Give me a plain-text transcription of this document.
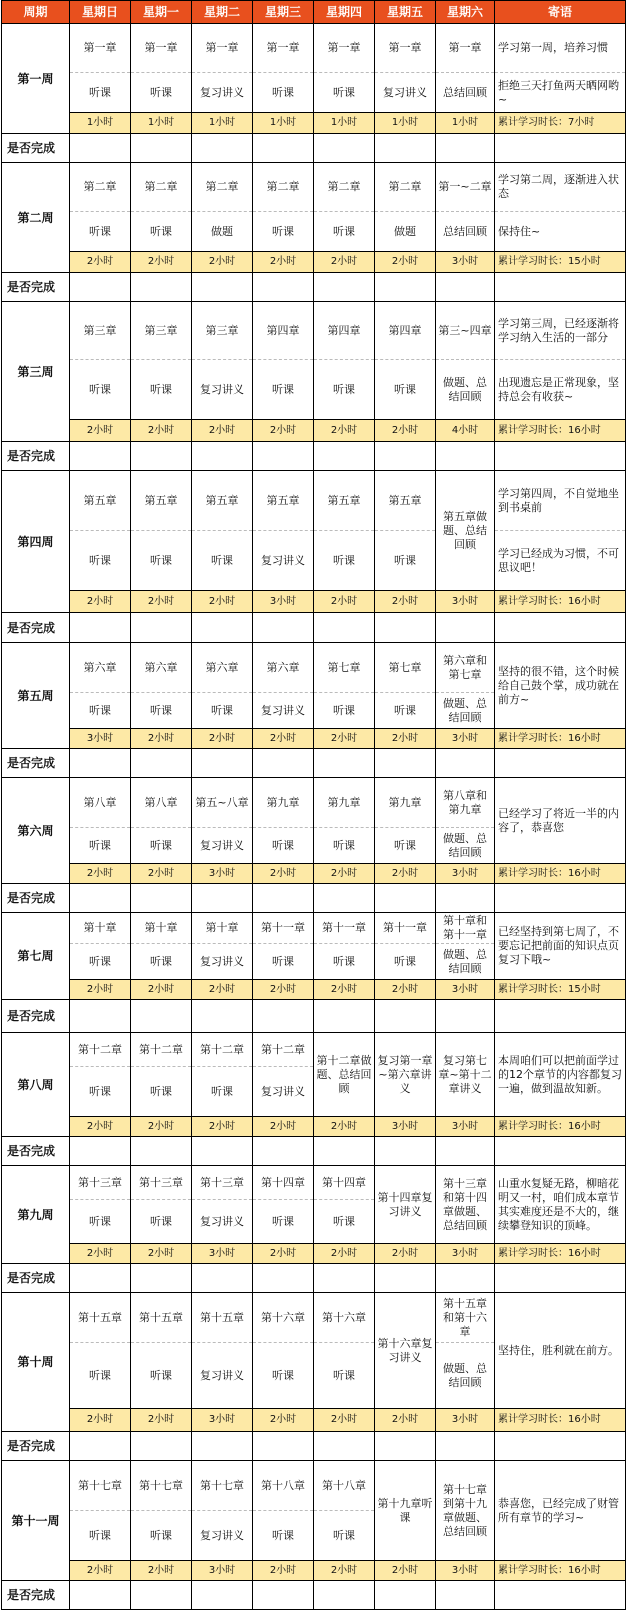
周期	星期日	星期一	星期二	星期三	星期四	星期五	星期六	寄语
第一周	第一章	第一章	第一章	第一章	第一章	第一章	第一章	学习第一周，培养习惯
	听课	听课	复习讲义	听课	听课	复习讲义	总结回顾	拒绝三天打鱼两天晒网哟~
	1小时	1小时	1小时	1小时	1小时	1小时	1小时	累计学习时长：7小时
是否完成								
第二周	第二章	第二章	第二章	第二章	第二章	第二章	第一~二章	学习第二周，逐渐进入状态
	听课	听课	做题	听课	听课	做题	总结回顾	保持住~
	2小时	2小时	2小时	2小时	2小时	2小时	3小时	累计学习时长：15小时
是否完成								
第三周	第三章	第三章	第三章	第四章	第四章	第四章	第三~四章	学习第三周，已经逐渐将学习纳入生活的一部分
	听课	听课	复习讲义	听课	听课	听课	做题、总结回顾	出现遗忘是正常现象，坚持总会有收获~
	2小时	2小时	2小时	2小时	2小时	2小时	4小时	累计学习时长：16小时
是否完成								
第四周	第五章	第五章	第五章	第五章	第五章	第五章	第五章做题、总结回顾	学习第四周，不自觉地坐到书桌前
	听课	听课	听课	复习讲义	听课	听课		学习已经成为习惯，不可思议吧！
	2小时	2小时	2小时	3小时	2小时	2小时	3小时	累计学习时长：16小时
是否完成								
第五周	第六章	第六章	第六章	第六章	第七章	第七章	第六章和第七章	坚持的很不错，这个时候给自己鼓个掌，成功就在前方~
	听课	听课	听课	复习讲义	听课	听课	做题、总结回顾	
	3小时	2小时	2小时	2小时	2小时	2小时	3小时	累计学习时长：16小时
是否完成								
第六周	第八章	第八章	第五~八章	第九章	第九章	第九章	第八章和第九章	已经学习了将近一半的内容了，恭喜您
	听课	听课	复习讲义	听课	听课	听课	做题、总结回顾	
	2小时	2小时	3小时	2小时	2小时	2小时	3小时	累计学习时长：16小时
是否完成								
第七周	第十章	第十章	第十章	第十一章	第十一章	第十一章	第十章和第十一章	已经坚持到第七周了，不要忘记把前面的知识点页复习下哦~
	听课	听课	复习讲义	听课	听课	听课	做题、总结回顾	
	2小时	2小时	2小时	2小时	2小时	2小时	3小时	累计学习时长：15小时
是否完成								
第八周	第十二章	第十二章	第十二章	第十二章	第十二章做题、总结回顾	复习第一章~第六章讲义	复习第七章~第十二章讲义	本周咱们可以把前面学过的12个章节的内容都复习一遍，做到温故知新。
	听课	听课	听课	复习讲义				
	2小时	2小时	2小时	2小时	2小时	3小时	3小时	累计学习时长：16小时
是否完成								
第九周	第十三章	第十三章	第十三章	第十四章	第十四章	第十四章复习讲义	第十三章和第十四章做题、总结回顾	山重水复疑无路，柳暗花明又一村，咱们成本章节其实难度还是不大的，继续攀登知识的顶峰。
	听课	听课	复习讲义	听课	听课			
	2小时	2小时	3小时	2小时	2小时	2小时	3小时	累计学习时长：16小时
是否完成								
第十周	第十五章	第十五章	第十五章	第十六章	第十六章	第十六章复习讲义	第十五章和第十六章	坚持住，胜利就在前方。
	听课	听课	复习讲义	听课	听课		做题、总结回顾	
	2小时	2小时	3小时	2小时	2小时	2小时	3小时	累计学习时长：16小时
是否完成								
第十一周	第十七章	第十七章	第十七章	第十八章	第十八章	第十九章听课	第十七章到第十九章做题、总结回顾	恭喜您，已经完成了财管所有章节的学习~
	听课	听课	复习讲义	听课	听课			
	2小时	2小时	3小时	2小时	2小时	2小时	3小时	累计学习时长：16小时
是否完成								
